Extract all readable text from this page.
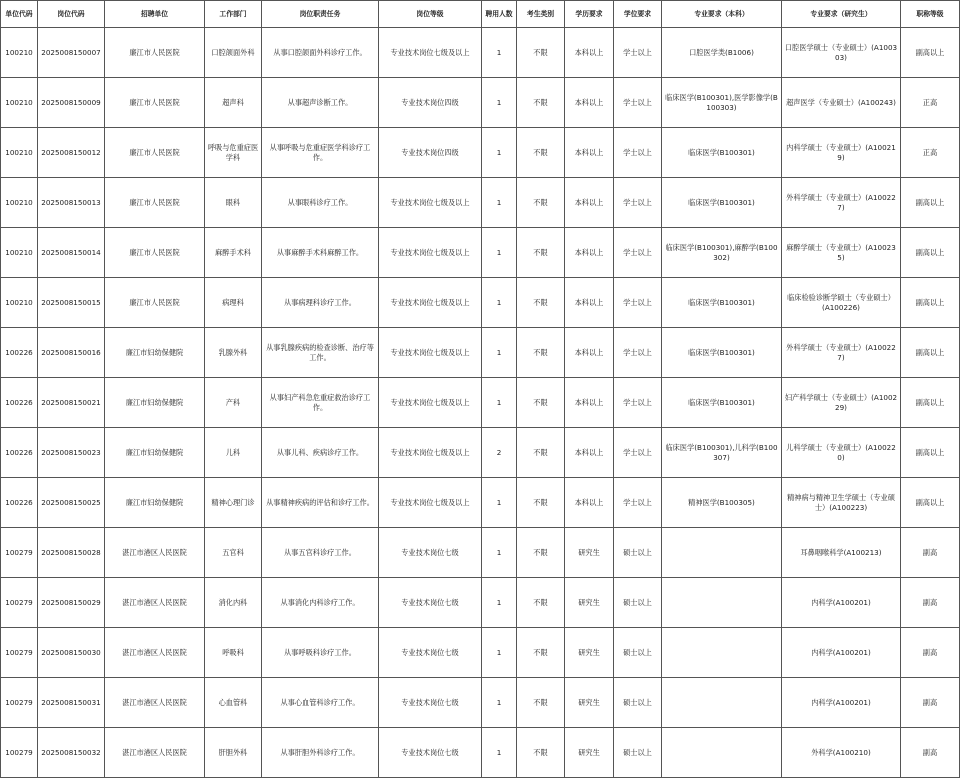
单位代码	岗位代码	招聘单位	工作部门	岗位职责任务	岗位等级	聘用人数	考生类别	学历要求	学位要求	专业要求（本科）	专业要求（研究生）	职称等级
100210	2025008150007	廉江市人民医院	口腔颌面外科	从事口腔颌面外科诊疗工作。	专业技术岗位七级及以上	1	不限	本科以上	学士以上	口腔医学类(B1006)	口腔医学硕士（专业硕士）(A100303)	副高以上
100210	2025008150009	廉江市人民医院	超声科	从事超声诊断工作。	专业技术岗位四级	1	不限	本科以上	学士以上	临床医学(B100301),医学影像学(B100303)	超声医学（专业硕士）(A100243)	正高
100210	2025008150012	廉江市人民医院	呼吸与危重症医学科	从事呼吸与危重症医学科诊疗工作。	专业技术岗位四级	1	不限	本科以上	学士以上	临床医学(B100301)	内科学硕士（专业硕士）(A100219)	正高
100210	2025008150013	廉江市人民医院	眼科	从事眼科诊疗工作。	专业技术岗位七级及以上	1	不限	本科以上	学士以上	临床医学(B100301)	外科学硕士（专业硕士）(A100227)	副高以上
100210	2025008150014	廉江市人民医院	麻醉手术科	从事麻醉手术科麻醉工作。	专业技术岗位七级及以上	1	不限	本科以上	学士以上	临床医学(B100301),麻醉学(B100302)	麻醉学硕士（专业硕士）(A100235)	副高以上
100210	2025008150015	廉江市人民医院	病理科	从事病理科诊疗工作。	专业技术岗位七级及以上	1	不限	本科以上	学士以上	临床医学(B100301)	临床检验诊断学硕士（专业硕士）(A100226)	副高以上
100226	2025008150016	廉江市妇幼保健院	乳腺外科	从事乳腺疾病的检查诊断、治疗等工作。	专业技术岗位七级及以上	1	不限	本科以上	学士以上	临床医学(B100301)	外科学硕士（专业硕士）(A100227)	副高以上
100226	2025008150021	廉江市妇幼保健院	产科	从事妇产科急危重症救治诊疗工作。	专业技术岗位七级及以上	1	不限	本科以上	学士以上	临床医学(B100301)	妇产科学硕士（专业硕士）(A100229)	副高以上
100226	2025008150023	廉江市妇幼保健院	儿科	从事儿科、疾病诊疗工作。	专业技术岗位七级及以上	2	不限	本科以上	学士以上	临床医学(B100301),儿科学(B100307)	儿科学硕士（专业硕士）(A100220)	副高以上
100226	2025008150025	廉江市妇幼保健院	精神心理门诊	从事精神疾病的评估和诊疗工作。	专业技术岗位七级及以上	1	不限	本科以上	学士以上	精神医学(B100305)	精神病与精神卫生学硕士（专业硕士）(A100223)	副高以上
100279	2025008150028	湛江市港区人民医院	五官科	从事五官科诊疗工作。	专业技术岗位七级	1	不限	研究生	硕士以上		耳鼻咽喉科学(A100213)	副高
100279	2025008150029	湛江市港区人民医院	消化内科	从事消化内科诊疗工作。	专业技术岗位七级	1	不限	研究生	硕士以上		内科学(A100201)	副高
100279	2025008150030	湛江市港区人民医院	呼吸科	从事呼吸科诊疗工作。	专业技术岗位七级	1	不限	研究生	硕士以上		内科学(A100201)	副高
100279	2025008150031	湛江市港区人民医院	心血管科	从事心血管科诊疗工作。	专业技术岗位七级	1	不限	研究生	硕士以上		内科学(A100201)	副高
100279	2025008150032	湛江市港区人民医院	肝胆外科	从事肝胆外科诊疗工作。	专业技术岗位七级	1	不限	研究生	硕士以上		外科学(A100210)	副高
